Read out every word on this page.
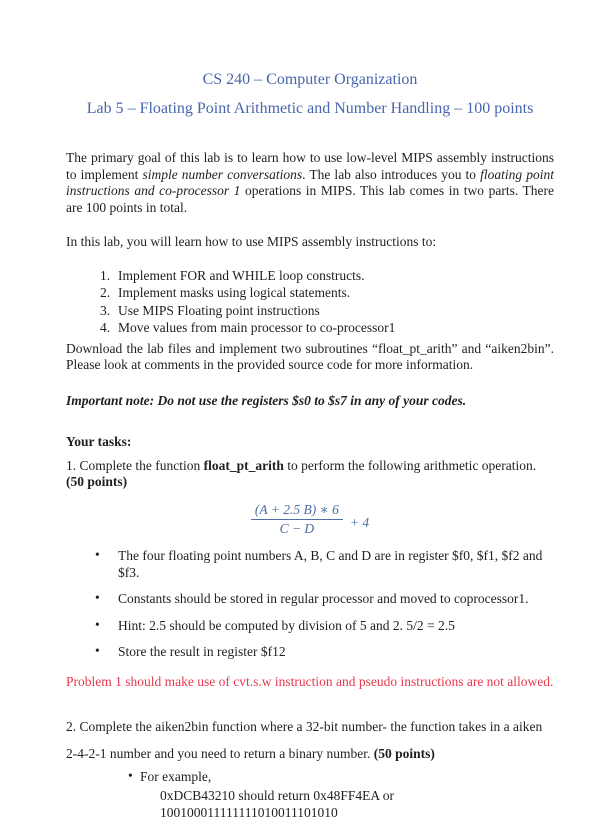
CS 240 – Computer Organization
Lab 5 – Floating Point Arithmetic and Number Handling – 100 points

The primary goal of this lab is to learn how to use low-level MIPS assembly instructions to implement simple number conversations. The lab also introduces you to floating point instructions and co-processor 1 operations in MIPS. This lab comes in two parts. There are 100 points in total.

In this lab, you will learn how to use MIPS assembly instructions to:

1. Implement FOR and WHILE loop constructs.
2. Implement masks using logical statements.
3. Use MIPS Floating point instructions
4. Move values from main processor to co-processor1

Download the lab files and implement two subroutines “float_pt_arith” and “aiken2bin”. Please look at comments in the provided source code for more information.

Important note: Do not use the registers $s0 to $s7 in any of your codes.

Your tasks:

1. Complete the function float_pt_arith to perform the following arithmetic operation. (50 points)

$\frac{(A + 2.5 B) ∗ 6}{C - D} + 4$
• The four floating point numbers A, B, C and D are in register $f0, $f1, $f2 and $f3.
• Constants should be stored in regular processor and moved to coprocessor1.
• Hint: 2.5 should be computed by division of 5 and 2. 5/2 = 2.5
• Store the result in register $f12

Problem 1 should make use of cvt.s.w instruction and pseudo instructions are not allowed.

2. Complete the aiken2bin function where a 32-bit number- the function takes in a aiken 2-4-2-1 number and you need to return a binary number. (50 points)

• For example,
0xDCB43210 should return 0x48FF4EA or 100100011111111010011101010
